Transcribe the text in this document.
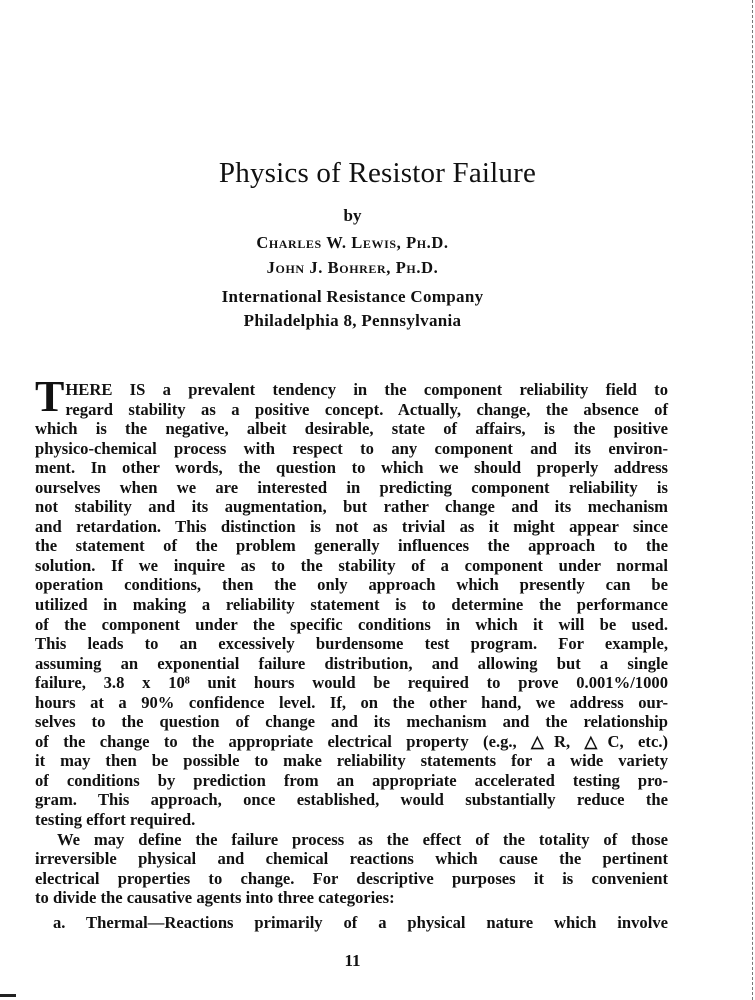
Physics of Resistor Failure
by
Charles W. Lewis, Ph.D.
John J. Bohrer, Ph.D.
International Resistance Company
Philadelphia 8, Pennsylvania
THERE IS a prevalent tendency in the component reliability field to
regard stability as a positive concept. Actually, change, the absence of
which is the negative, albeit desirable, state of affairs, is the positive
physico-chemical process with respect to any component and its environ-
ment. In other words, the question to which we should properly address
ourselves when we are interested in predicting component reliability is
not stability and its augmentation, but rather change and its mechanism
and retardation. This distinction is not as trivial as it might appear since
the statement of the problem generally influences the approach to the
solution. If we inquire as to the stability of a component under normal
operation conditions, then the only approach which presently can be
utilized in making a reliability statement is to determine the performance
of the component under the specific conditions in which it will be used.
This leads to an excessively burdensome test program. For example,
assuming an exponential failure distribution, and allowing but a single
failure, 3.8 x 10⁸ unit hours would be required to prove 0.001%/1000
hours at a 90% confidence level. If, on the other hand, we address our-
selves to the question of change and its mechanism and the relationship
of the change to the appropriate electrical property (e.g., △R, △C, etc.)
it may then be possible to make reliability statements for a wide variety
of conditions by prediction from an appropriate accelerated testing pro-
gram. This approach, once established, would substantially reduce the
testing effort required.
We may define the failure process as the effect of the totality of those
irreversible physical and chemical reactions which cause the pertinent
electrical properties to change. For descriptive purposes it is convenient
to divide the causative agents into three categories:
a. Thermal—Reactions primarily of a physical nature which involve
11
